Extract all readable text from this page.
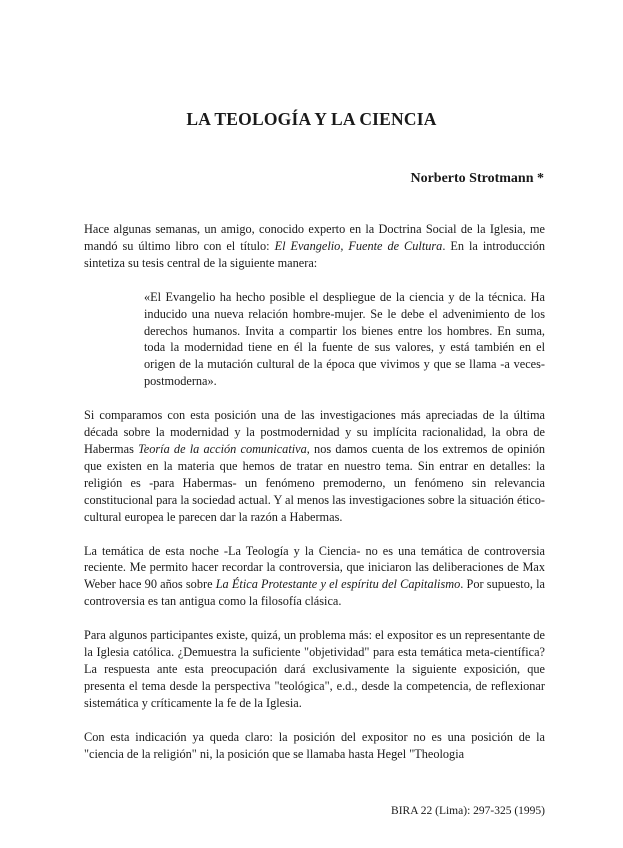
LA TEOLOGÍA Y LA CIENCIA
Norberto Strotmann *

Hace algunas semanas, un amigo, conocido experto en la Doctrina Social de la Iglesia, me mandó su último libro con el título: El Evangelio, Fuente de Cultura. En la introducción sintetiza su tesis central de la siguiente manera:

«El Evangelio ha hecho posible el despliegue de la ciencia y de la técnica. Ha inducido una nueva relación hombre-mujer. Se le debe el advenimiento de los derechos humanos. Invita a compartir los bienes entre los hombres. En suma, toda la modernidad tiene en él la fuente de sus valores, y está también en el origen de la mutación cultural de la época que vivimos y que se llama -a veces- postmoderna».

Si comparamos con esta posición una de las investigaciones más apreciadas de la última década sobre la modernidad y la postmodernidad y su implícita racionalidad, la obra de Habermas Teoría de la acción comunicativa, nos damos cuenta de los extremos de opinión que existen en la materia que hemos de tratar en nuestro tema. Sin entrar en detalles: la religión es -para Habermas- un fenómeno premoderno, un fenómeno sin relevancia constitucional para la sociedad actual. Y al menos las investigaciones sobre la situación ético-cultural europea le parecen dar la razón a Habermas.

La temática de esta noche -La Teología y la Ciencia- no es una temática de controversia reciente. Me permito hacer recordar la controversia, que iniciaron las deliberaciones de Max Weber hace 90 años sobre La Ética Protestante y el espíritu del Capitalismo. Por supuesto, la controversia es tan antigua como la filosofía clásica.

Para algunos participantes existe, quizá, un problema más: el expositor es un representante de la Iglesia católica. ¿Demuestra la suficiente "objetividad" para esta temática meta-científica? La respuesta ante esta preocupación dará exclusivamente la siguiente exposición, que presenta el tema desde la perspectiva "teológica", e.d., desde la competencia, de reflexionar sistemática y críticamente la fe de la Iglesia.

Con esta indicación ya queda claro: la posición del expositor no es una posición de la "ciencia de la religión" ni, la posición que se llamaba hasta Hegel "Theologia

BIRA 22 (Lima): 297-325 (1995)
